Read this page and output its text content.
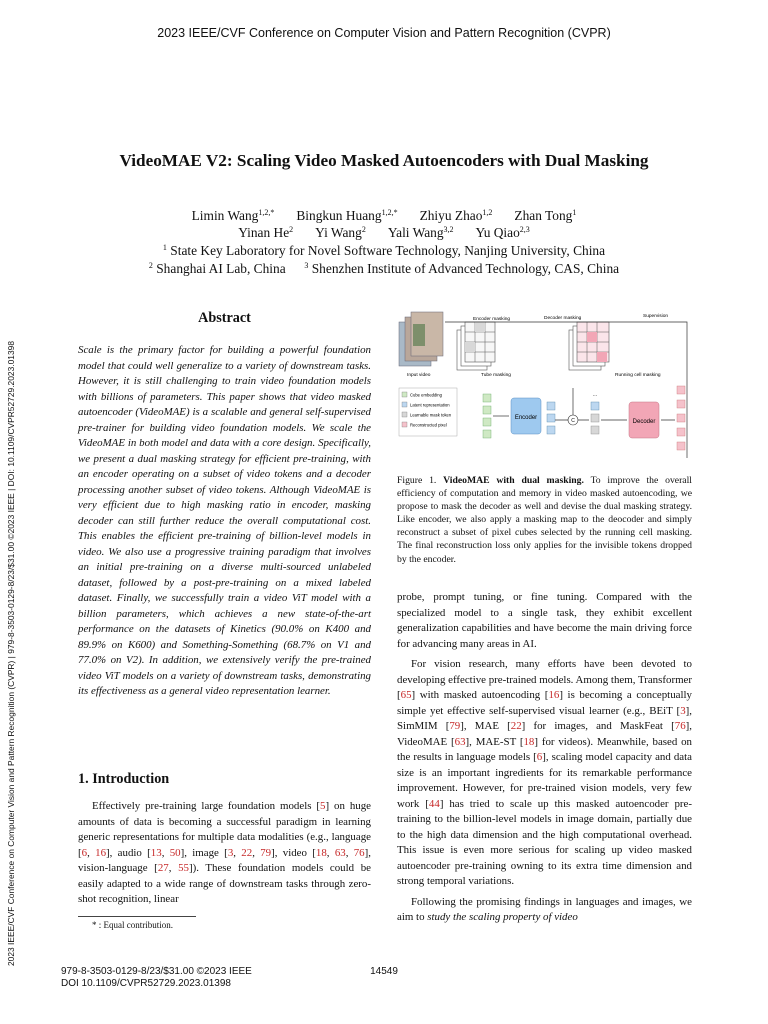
2023 IEEE/CVF Conference on Computer Vision and Pattern Recognition (CVPR)
2023 IEEE/CVF Conference on Computer Vision and Pattern Recognition (CVPR) | 979-8-3503-0129-8/23/$31.00 ©2023 IEEE | DOI: 10.1109/CVPR52729.2023.01398
VideoMAE V2: Scaling Video Masked Autoencoders with Dual Masking
Limin Wang$^{1,2,*}$ Bingkun Huang$^{1,2,*}$ Zhiyu Zhao$^{1,2}$ Zhan Tong$^1$
Yinan He$^2$ Yi Wang$^2$ Yali Wang$^{3,2}$ Yu Qiao$^{2,3}$
$^1$ State Key Laboratory for Novel Software Technology, Nanjing University, China
$^2$ Shanghai AI Lab, China $^3$ Shenzhen Institute of Advanced Technology, CAS, China
Abstract
Scale is the primary factor for building a powerful foundation model that could well generalize to a variety of downstream tasks. However, it is still challenging to train video foundation models with billions of parameters. This paper shows that video masked autoencoder (VideoMAE) is a scalable and general self-supervised pre-trainer for building video foundation models. We scale the VideoMAE in both model and data with a core design. Specifically, we present a dual masking strategy for efficient pre-training, with an encoder operating on a subset of video tokens and a decoder processing another subset of video tokens. Although VideoMAE is very efficient due to high masking ratio in encoder, masking decoder can still further reduce the overall computational cost. This enables the efficient pre-training of billion-level models in video. We also use a progressive training paradigm that involves an initial pre-training on a diverse multi-sourced unlabeled dataset, followed by a post-pre-training on a mixed labeled dataset. Finally, we successfully train a video ViT model with a billion parameters, which achieves a new state-of-the-art performance on the datasets of Kinetics (90.0% on K400 and 89.9% on K600) and Something-Something (68.7% on V1 and 77.0% on V2). In addition, we extensively verify the pre-trained video ViT models on a variety of downstream tasks, demonstrating its effectiveness as a general video representation learner.
1. Introduction

Effectively pre-training large foundation models [5] on huge amounts of data is becoming a successful paradigm in learning generic representations for multiple data modalities (e.g., language [6, 16], audio [13, 50], image [3, 22, 79], video [18, 63, 76], vision-language [27, 55]). These foundation models could be easily adapted to a wide range of downstream tasks through zero-shot recognition, linear

* : Equal contribution.
979-8-3503-0129-8/23/$31.00 ©2023 IEEE
DOI 10.1109/CVPR52729.2023.01398
14549
Input video	Tube masking
Encoder masking	Decoder masking
Running cell masking
Supervision
Cube embedding
Latent representation
Learnable mask token
Reconstructed pixel
Encoder	C
...
Decoder
Figure 1. VideoMAE with dual masking. To improve the overall efficiency of computation and memory in video masked autoencoding, we propose to mask the decoder as well and devise the dual masking strategy. Like encoder, we also apply a masking map to the deocoder and simply reconstruct a subset of pixel cubes selected by the running cell masking. The final reconstruction loss only applies for the invisible tokens dropped by the encoder.

probe, prompt tuning, or fine tuning. Compared with the specialized model to a single task, they exhibit excellent generalization capabilities and have become the main driving force for advancing many areas in AI.

For vision research, many efforts have been devoted to developing effective pre-trained models. Among them, Transformer [65] with masked autoencoding [16] is becoming a conceptually simple yet effective self-supervised visual learner (e.g., BEiT [3], SimMIM [79], MAE [22] for images, and MaskFeat [76], VideoMAE [63], MAE-ST [18] for videos). Meanwhile, based on the results in language models [6], scaling model capacity and data size is an important ingredients for its remarkable performance improvement. However, for pre-trained vision models, very few work [44] has tried to scale up this masked autoencoder pre-training to the billion-level models in image domain, partially due to the high data dimension and the high computational overhead. This issue is even more serious for scaling up video masked autoencoder pre-training owning to its extra time dimension and strong temporal variations.

Following the promising findings in languages and images, we aim to study the scaling property of video
